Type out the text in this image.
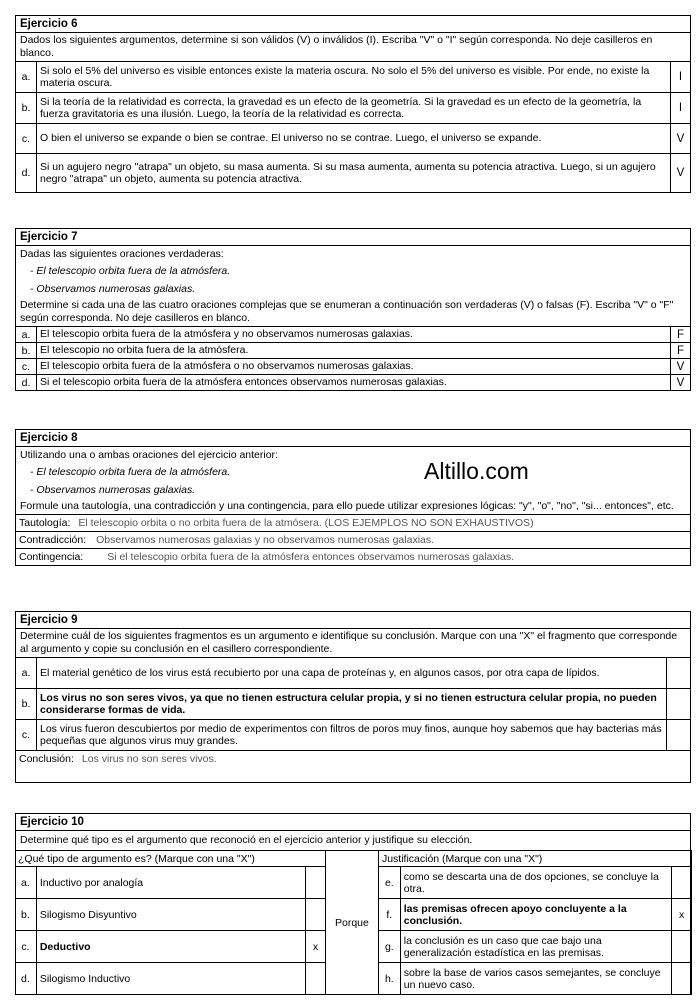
Ejercicio 6
Dados los siguientes argumentos, determine si son válidos (V) o inválidos (I). Escriba "V" o "I" según corresponda. No deje casilleros en blanco.
a.
Si solo el 5% del universo es visible entonces existe la materia oscura. No solo el 5% del universo es visible. Por ende, no existe la materia oscura.	I
b.
Si la teoría de la relatividad es correcta, la gravedad es un efecto de la geometría. Si la gravedad es un efecto de la geometría, la fuerza gravitatoria es una ilusión. Luego, la teoría de la relatividad es correcta.	I
c. O bien el universo se expande o bien se contrae. El universo no se contrae. Luego, el universo se expande.	V
d.
Si un agujero negro "atrapa" un objeto, su masa aumenta. Si su masa aumenta, aumenta su potencia atractiva. Luego, si un agujero negro "atrapa" un objeto, aumenta su potencia atractiva.	V
Ejercicio 7
Dadas las siguientes oraciones verdaderas:
- El telescopio orbita fuera de la atmósfera.
- Observamos numerosas galaxias.
Determine si cada una de las cuatro oraciones complejas que se enumeran a continuación son verdaderas (V) o falsas (F). Escriba "V" o "F" según corresponda. No deje casilleros en blanco.
a. El telescopio orbita fuera de la atmósfera y no observamos numerosas galaxias.	F
b. El telescopio no orbita fuera de la atmósfera.	F
c. El telescopio orbita fuera de la atmósfera o no observamos numerosas galaxias.	V
d. Si el telescopio orbita fuera de la atmósfera entonces observamos numerosas galaxias.	V
Ejercicio 8
Utilizando una o ambas oraciones del ejercicio anterior:
- El telescopio orbita fuera de la atmósfera.
- Observamos numerosas galaxias.
Formule una tautología, una contradicción y una contingencia, para ello puede utilizar expresiones lógicas: "y", "o", "no", "si... entonces", etc.
Tautología: El telescopio orbita o no orbita fuera de la atmósera. (LOS EJEMPLOS NO SON EXHAUSTIVOS)
Contradicción: Observamos numerosas galaxias y no observamos numerosas galaxias.
Contingencia: Si el telescopio orbita fuera de la atmósfera entonces observamos numerosas galaxias.
Altillo.com
Ejercicio 9
Determine cuál de los siguientes fragmentos es un argumento e identifique su conclusión. Marque con una "X" el fragmento que corresponde al argumento y copie su conclusión en el casillero correspondiente.
a. El material genético de los virus está recubierto por una capa de proteínas y, en algunos casos, por otra capa de lípidos.
b.
Los virus no son seres vivos, ya que no tienen estructura celular propia, y si no tienen estructura celular propia, no pueden considerarse formas de vida.
c.
Los virus fueron descubiertos por medio de experimentos con filtros de poros muy finos, aunque hoy sabemos que hay bacterias más pequeñas que algunos virus muy grandes.
Conclusión: Los virus no son seres vivos.
Ejercicio 10
Determine qué tipo es el argumento que reconoció en el ejercicio anterior y justifique su elección.
¿Qué tipo de argumento es? (Marque con una "X")			Porque	Justificación (Marque con una "X")		
a.	Inductivo por analogía			e.	como se descarta una de dos opciones, se concluye la otra.	
b.	Silogismo Disyuntivo			f.	las premisas ofrecen apoyo concluyente a la conclusión.	x
c.	Deductivo	x		g.	la conclusión es un caso que cae bajo una generalización estadística en las premisas.	
d.	Silogismo Inductivo			h.	sobre la base de varios casos semejantes, se concluye un nuevo caso.	
